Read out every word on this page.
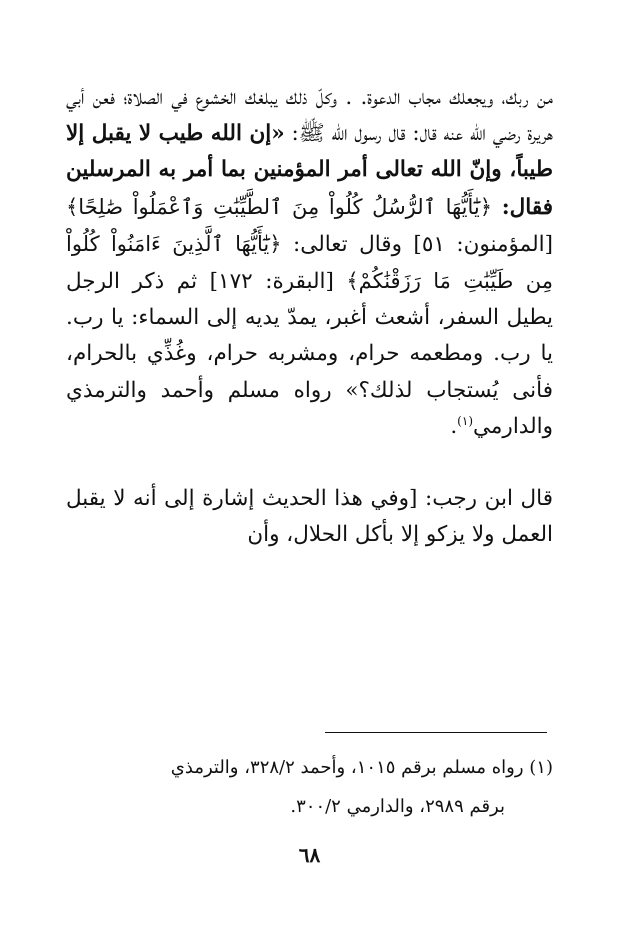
من ربك، ويجعلك مجاب الدعوة. . وكلّ ذلك يبلغك الخشوع في الصلاة؛ فعن أبي هريرة رضي الله عنه قال: قال رسول الله ﷺ: «إن الله طيب لا يقبل إلا طيباً، وإنّ الله تعالى أمر المؤمنين بما أمر به المرسلين فقال: ﴿يَٰٓأَيُّهَا ٱلرُّسُلُ كُلُواْ مِنَ ٱلطَّيِّبَٰتِ وَٱعْمَلُواْ صَٰلِحًا﴾ [المؤمنون: ٥١] وقال تعالى: ﴿يَٰٓأَيُّهَا ٱلَّذِينَ ءَامَنُواْ كُلُواْ مِن طَيِّبَٰتِ مَا رَزَقْنَٰكُمْ﴾ [البقرة: ١٧٢] ثم ذكر الرجل يطيل السفر، أشعث أغبر، يمدّ يديه إلى السماء: يا رب. يا رب. ومطعمه حرام، ومشربه حرام، وغُذِّي بالحرام، فأنى يُستجاب لذلك؟» رواه مسلم وأحمد والترمذي والدارمي$^{(١)}$.

قال ابن رجب: [وفي هذا الحديث إشارة إلى أنه لا يقبل العمل ولا يزكو إلا بأكل الحلال، وأن

(١) رواه مسلم برقم ١٠١٥، وأحمد ٣٢٨/٢، والترمذي

برقم ٢٩٨٩، والدارمي ٣٠٠/٢.

٦٨
